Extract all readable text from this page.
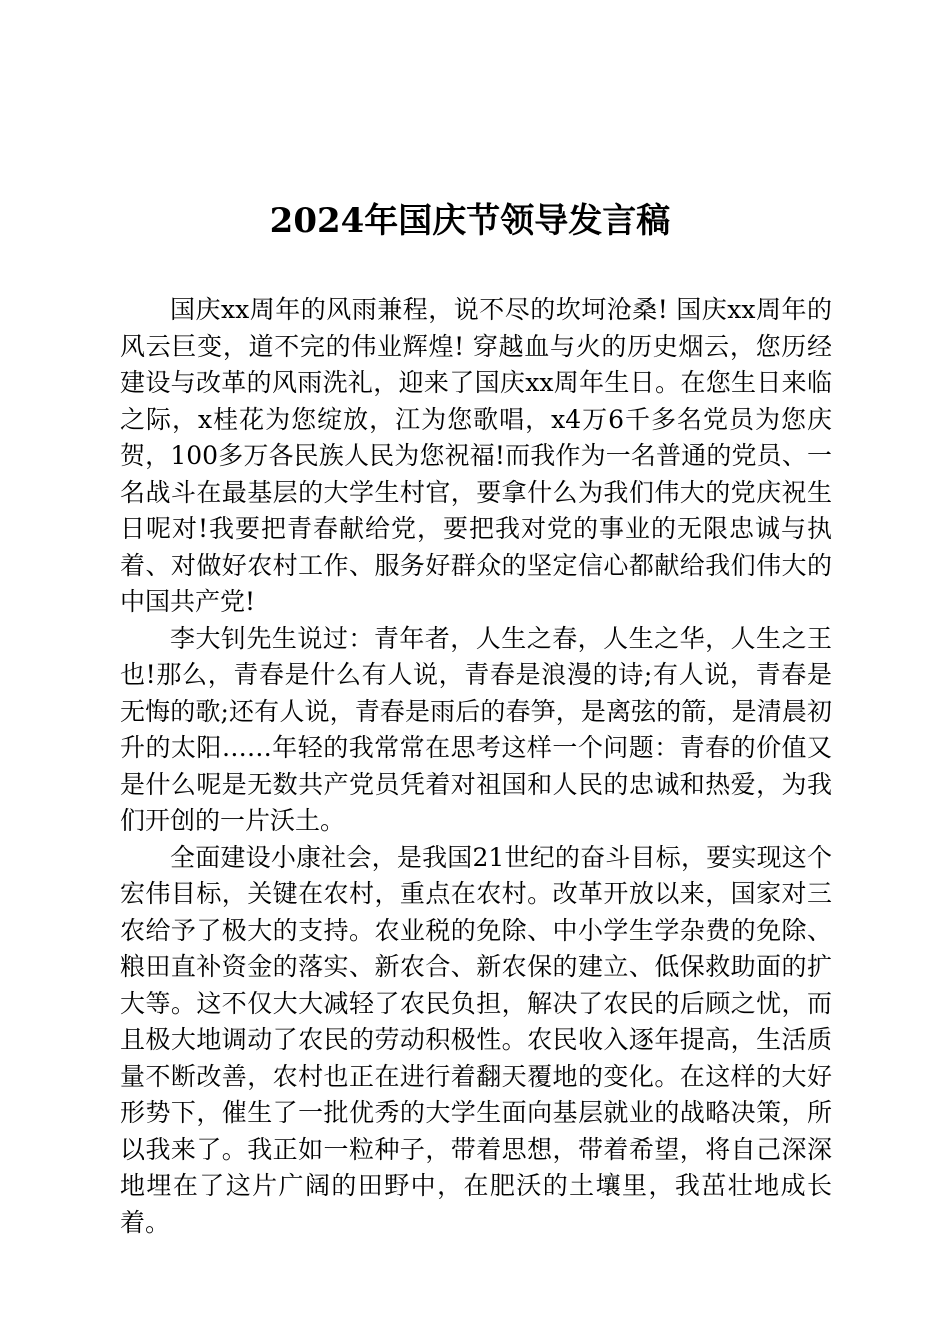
2024年国庆节领导发言稿

国庆xx周年的风雨兼程，说不尽的坎坷沧桑! 国庆xx周年的风云巨变，道不完的伟业辉煌! 穿越血与火的历史烟云，您历经建设与改革的风雨洗礼，迎来了国庆xx周年生日。在您生日来临之际，x桂花为您绽放，江为您歌唱，x4万6千多名党员为您庆贺，100多万各民族人民为您祝福!而我作为一名普通的党员、一名战斗在最基层的大学生村官，要拿什么为我们伟大的党庆祝生日呢对!我要把青春献给党，要把我对党的事业的无限忠诚与执着、对做好农村工作、服务好群众的坚定信心都献给我们伟大的中国共产党!

李大钊先生说过：青年者，人生之春，人生之华，人生之王也!那么，青春是什么有人说，青春是浪漫的诗;有人说，青春是无悔的歌;还有人说，青春是雨后的春笋，是离弦的箭，是清晨初升的太阳……年轻的我常常在思考这样一个问题：青春的价值又是什么呢是无数共产党员凭着对祖国和人民的忠诚和热爱，为我们开创的一片沃土。

全面建设小康社会，是我国21世纪的奋斗目标，要实现这个宏伟目标，关键在农村，重点在农村。改革开放以来，国家对三农给予了极大的支持。农业税的免除、中小学生学杂费的免除、粮田直补资金的落实、新农合、新农保的建立、低保救助面的扩大等。这不仅大大减轻了农民负担，解决了农民的后顾之忧，而且极大地调动了农民的劳动积极性。农民收入逐年提高，生活质量不断改善，农村也正在进行着翻天覆地的变化。在这样的大好形势下，催生了一批优秀的大学生面向基层就业的战略决策，所以我来了。我正如一粒种子，带着思想，带着希望，将自己深深地埋在了这片广阔的田野中，在肥沃的土壤里，我茁壮地成长着。
